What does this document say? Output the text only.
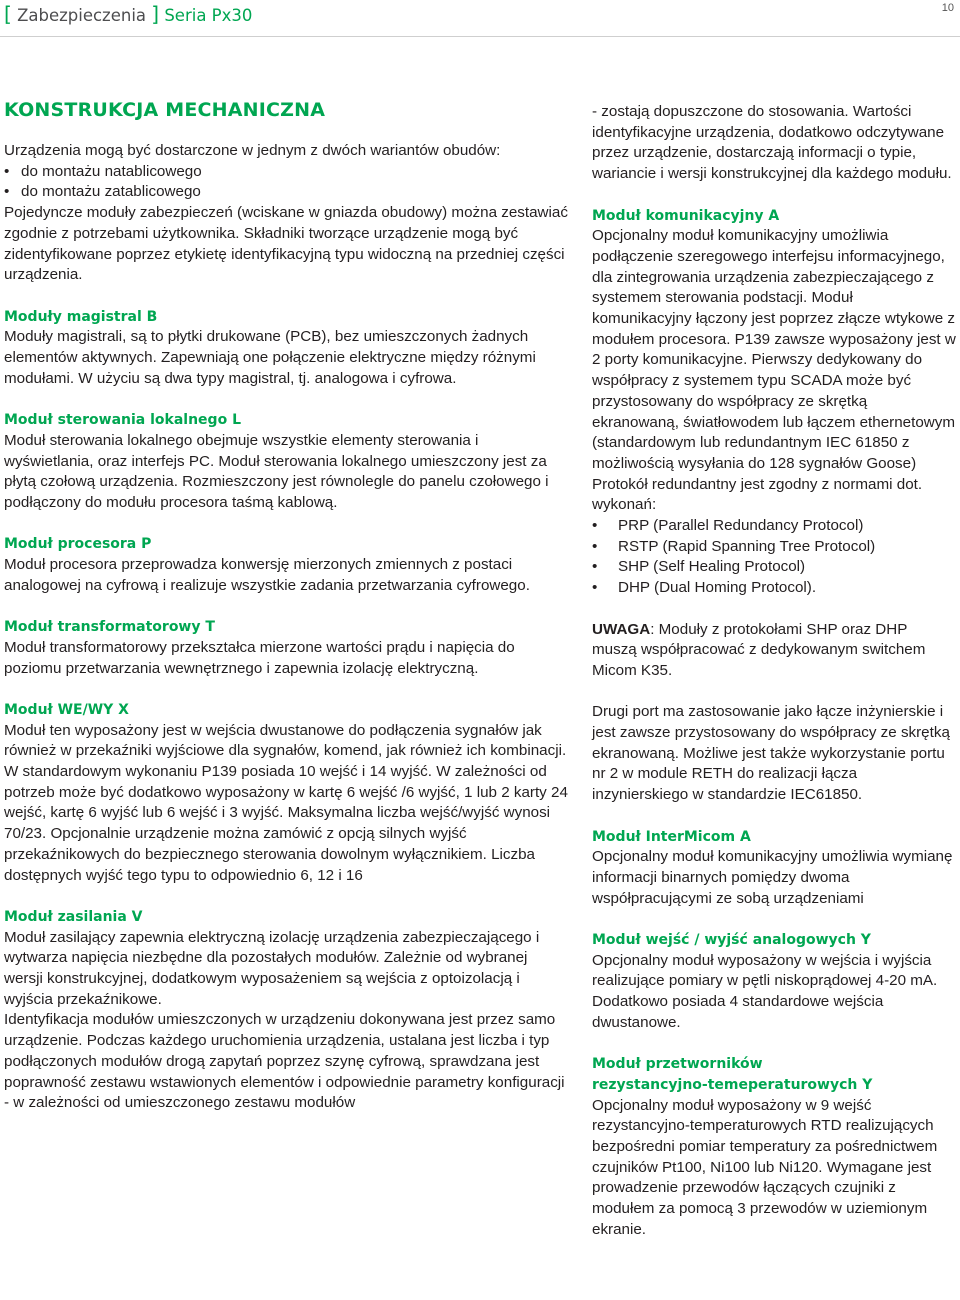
[ Zabezpieczenia ] Seria Px30	10
KONSTRUKCJA MECHANICZNA

Urządzenia mogą być dostarczone w jednym z dwóch wariantów obudów:

• do montażu natablicowego
• do montażu zatablicowego

Pojedyncze moduły zabezpieczeń (wciskane w gniazda obudowy) można zestawiać zgodnie z potrzebami użytkownika. Składniki tworzące urządzenie mogą być zidentyfikowane poprzez etykietę identyfikacyjną typu widoczną na przedniej części urządzenia.

Moduły magistral B

Moduły magistrali, są to płytki drukowane (PCB), bez umieszczonych żadnych elementów aktywnych. Zapewniają one połączenie elektryczne między różnymi modułami. W użyciu są dwa typy magistral, tj. analogowa i cyfrowa.

Moduł sterowania lokalnego L

Moduł sterowania lokalnego obejmuje wszystkie elementy sterowania i wyświetlania, oraz interfejs PC. Moduł sterowania lokalnego umieszczony jest za płytą czołową urządzenia. Rozmieszczony jest równolegle do panelu czołowego i podłączony do modułu procesora taśmą kablową.

Moduł procesora P

Moduł procesora przeprowadza konwersję mierzonych zmiennych z postaci analogowej na cyfrową i realizuje wszystkie zadania przetwarzania cyfrowego.

Moduł transformatorowy T

Moduł transformatorowy przekształca mierzone wartości prądu i napięcia do poziomu przetwarzania wewnętrznego i zapewnia izolację elektryczną.

Moduł WE/WY X

Moduł ten wyposażony jest w wejścia dwustanowe do podłączenia sygnałów jak również w przekaźniki wyjściowe dla sygnałów, komend, jak również ich kombinacji. W standardowym wykonaniu P139 posiada 10 wejść i 14 wyjść. W zależności od potrzeb może być dodatkowo wyposażony w kartę 6 wejść /6 wyjść, 1 lub 2 karty 24 wejść, kartę 6 wyjść lub 6 wejść i 3 wyjść. Maksymalna liczba wejść/wyjść wynosi 70/23. Opcjonalnie urządzenie można zamówić z opcją silnych wyjść przekaźnikowych do bezpiecznego sterowania dowolnym wyłącznikiem. Liczba dostępnych wyjść tego typu to odpowiednio 6, 12 i 16

Moduł zasilania V

Moduł zasilający zapewnia elektryczną izolację urządzenia zabezpieczającego i wytwarza napięcia niezbędne dla pozostałych modułów. Zależnie od wybranej wersji konstrukcyjnej, dodatkowym wyposażeniem są wejścia z optoizolacją i wyjścia przekaźnikowe.

Identyfikacja modułów umieszczonych w urządzeniu dokonywana jest przez samo urządzenie. Podczas każdego uruchomienia urządzenia, ustalana jest liczba i typ podłączonych modułów drogą zapytań poprzez szynę cyfrową, sprawdzana jest poprawność zestawu wstawionych elementów i odpowiednie parametry konfiguracji - w zależności od umieszczonego zestawu modułów

- zostają dopuszczone do stosowania. Wartości identyfikacyjne urządzenia, dodatkowo odczytywane przez urządzenie, dostarczają informacji o typie, wariancie i wersji konstrukcyjnej dla każdego modułu.

Moduł komunikacyjny A

Opcjonalny moduł komunikacyjny umożliwia podłączenie szeregowego interfejsu informacyjnego, dla zintegrowania urządzenia zabezpieczającego z systemem sterowania podstacji. Moduł komunikacyjny łączony jest poprzez złącze wtykowe z modułem procesora. P139 zawsze wyposażony jest w 2 porty komunikacyjne. Pierwszy dedykowany do współpracy z systemem typu SCADA może być przystosowany do współpracy ze skrętką ekranowaną, światłowodem lub łączem ethernetowym (standardowym lub redundantnym IEC 61850 z możliwością wysyłania do 128 sygnałów Goose) Protokół redundantny jest zgodny z normami dot. wykonań:

• PRP (Parallel Redundancy Protocol)
• RSTP (Rapid Spanning Tree Protocol)
• SHP (Self Healing Protocol)
• DHP (Dual Homing Protocol).

UWAGA: Moduły z protokołami SHP oraz DHP muszą współpracować z dedykowanym switchem Micom K35.

Drugi port ma zastosowanie jako łącze inżynierskie i jest zawsze przystosowany do współpracy ze skrętką ekranowaną. Możliwe jest także wykorzystanie portu nr 2 w module RETH do realizacji łącza inzynierskiego w standardzie IEC61850.

Moduł InterMicom A

Opcjonalny moduł komunikacyjny umożliwia wymianę informacji binarnych pomiędzy dwoma współpracującymi ze sobą urządzeniami

Moduł wejść / wyjść analogowych Y

Opcjonalny moduł wyposażony w wejścia i wyjścia realizujące pomiary w pętli niskoprądowej 4-20 mA. Dodatkowo posiada 4 standardowe wejścia dwustanowe.

Moduł przetworników
rezystancyjno-temeperaturowych Y

Opcjonalny moduł wyposażony w 9 wejść rezystancyjno-temperaturowych RTD realizujących bezpośredni pomiar temperatury za pośrednictwem czujników Pt100, Ni100 lub Ni120. Wymagane jest prowadzenie przewodów łączących czujniki z modułem za pomocą 3 przewodów w uziemionym ekranie.
